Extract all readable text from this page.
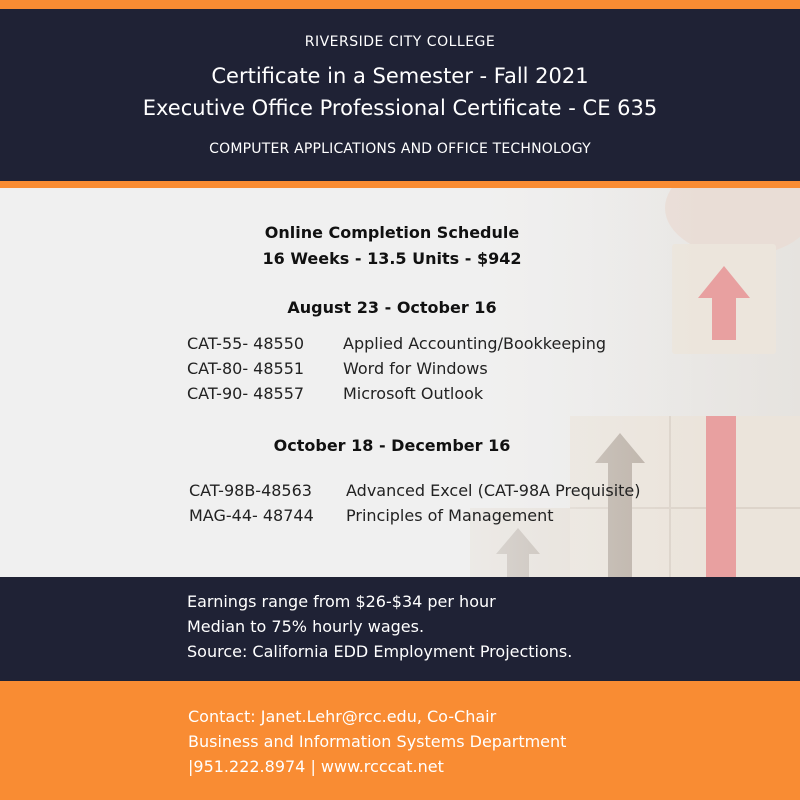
RIVERSIDE CITY COLLEGE
Certificate in a Semester - Fall 2021
Executive Office Professional Certificate - CE 635
COMPUTER APPLICATIONS AND OFFICE TECHNOLOGY
Online Completion Schedule
16 Weeks - 13.5 Units - $942
August 23 - October 16
CAT-55- 48550 Applied Accounting/Bookkeeping
CAT-80- 48551 Word for Windows
CAT-90- 48557 Microsoft Outlook
October 18 - December 16
CAT-98B-48563 Advanced Excel (CAT-98A Prequisite)
MAG-44- 48744 Principles of Management
Earnings range from $26-$34 per hour
Median to 75% hourly wages.
Source: California EDD Employment Projections.
Contact: Janet.Lehr@rcc.edu, Co-Chair
Business and Information Systems Department
|951.222.8974 | www.rcccat.net
